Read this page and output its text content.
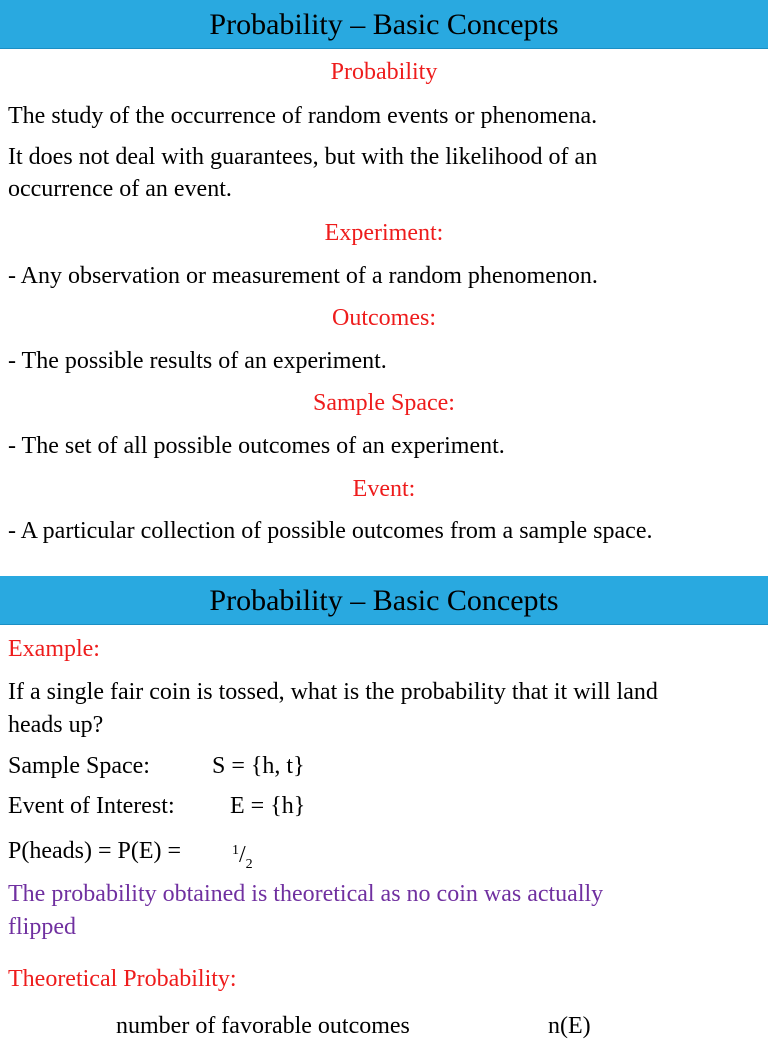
Probability – Basic Concepts
Probability
The study of the occurrence of random events or phenomena.
It does not deal with guarantees, but with the likelihood of an
occurrence of an event.
Experiment:
- Any observation or measurement of a random phenomenon.
Outcomes:
- The possible results of an experiment.
Sample Space:
- The set of all possible outcomes of an experiment.
Event:
- A particular collection of possible outcomes from a sample space.
Probability – Basic Concepts
Example:
If a single fair coin is tossed, what is the probability that it will land
heads up?
Sample Space:	S = {h, t}
Event of Interest: E = {h}
P(heads) = P(E) =	$^1/_2$
The probability obtained is theoretical as no coin was actually
flipped
Theoretical Probability:
number of favorable outcomes	n(E)
